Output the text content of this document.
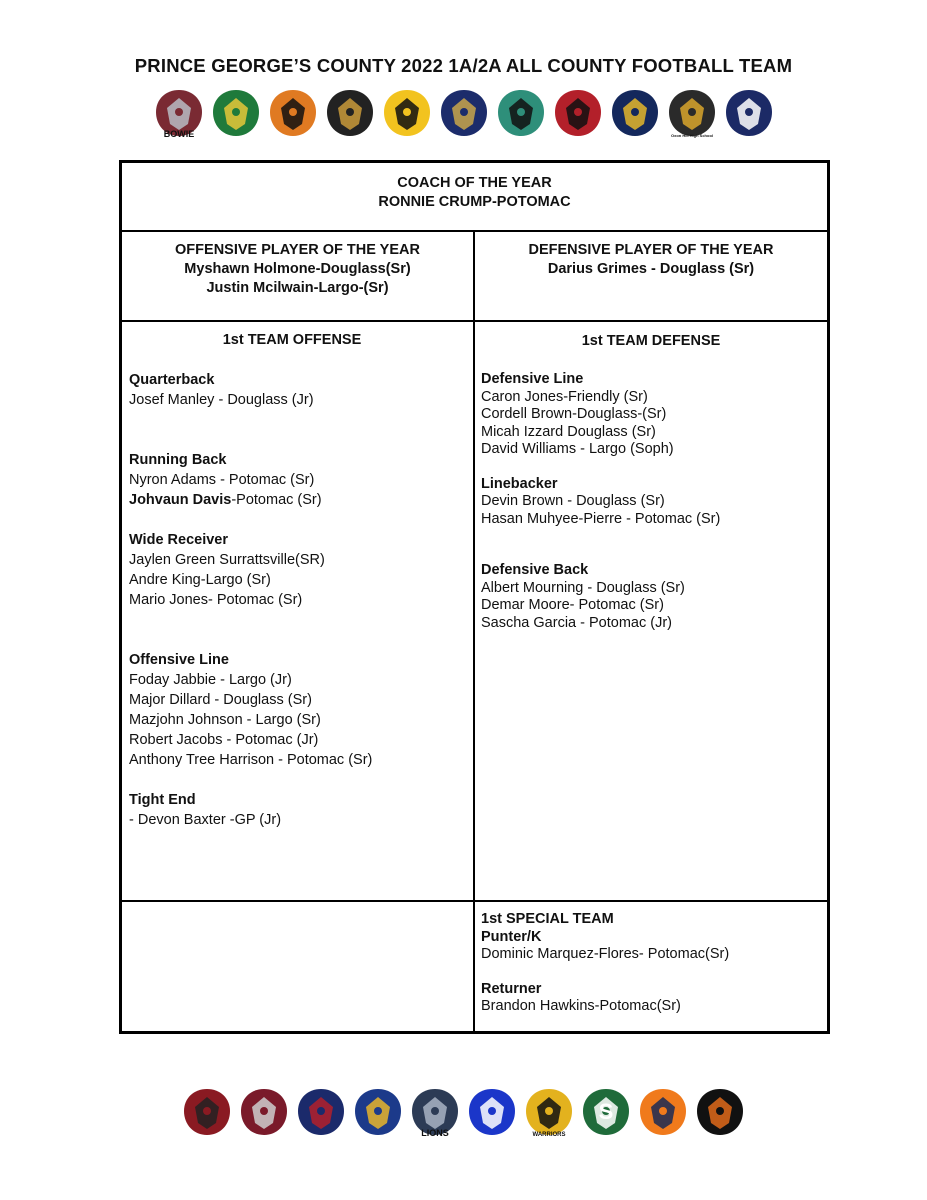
PRINCE GEORGE’S COUNTY 2022 1A/2A ALL COUNTY FOOTBALL TEAM
BOWIE	Oxon Hill High School
COACH OF THE YEAR
RONNIE CRUMP-POTOMAC
OFFENSIVE PLAYER OF THE YEAR
Myshawn Holmone-Douglass(Sr)
Justin Mcilwain-Largo-(Sr)
DEFENSIVE PLAYER OF THE YEAR
Darius Grimes - Douglass (Sr)
1st TEAM OFFENSE
Quarterback
Josef Manley - Douglass (Jr)
Running Back
Nyron Adams - Potomac (Sr)
Johvaun Davis-Potomac (Sr)
Wide Receiver
Jaylen Green Surrattsville(SR)
Andre King-Largo (Sr)
Mario Jones- Potomac (Sr)
Offensive Line
Foday Jabbie - Largo (Jr)
Major Dillard - Douglass (Sr)
Mazjohn Johnson - Largo (Sr)
Robert Jacobs - Potomac (Jr)
Anthony Tree Harrison - Potomac (Sr)
Tight End
- Devon Baxter -GP (Jr)
1st TEAM DEFENSE
Defensive Line
Caron Jones-Friendly (Sr)
Cordell Brown-Douglass-(Sr)
Micah Izzard Douglass (Sr)
David Williams - Largo (Soph)
Linebacker
Devin Brown - Douglass (Sr)
Hasan Muhyee-Pierre - Potomac (Sr)
Defensive Back
Albert Mourning - Douglass (Sr)
Demar Moore- Potomac (Sr)
Sascha Garcia - Potomac (Jr)
1st SPECIAL TEAM
Punter/K
Dominic Marquez-Flores- Potomac(Sr)
Returner
Brandon Hawkins-Potomac(Sr)
LIONS	WARRIORS
S
